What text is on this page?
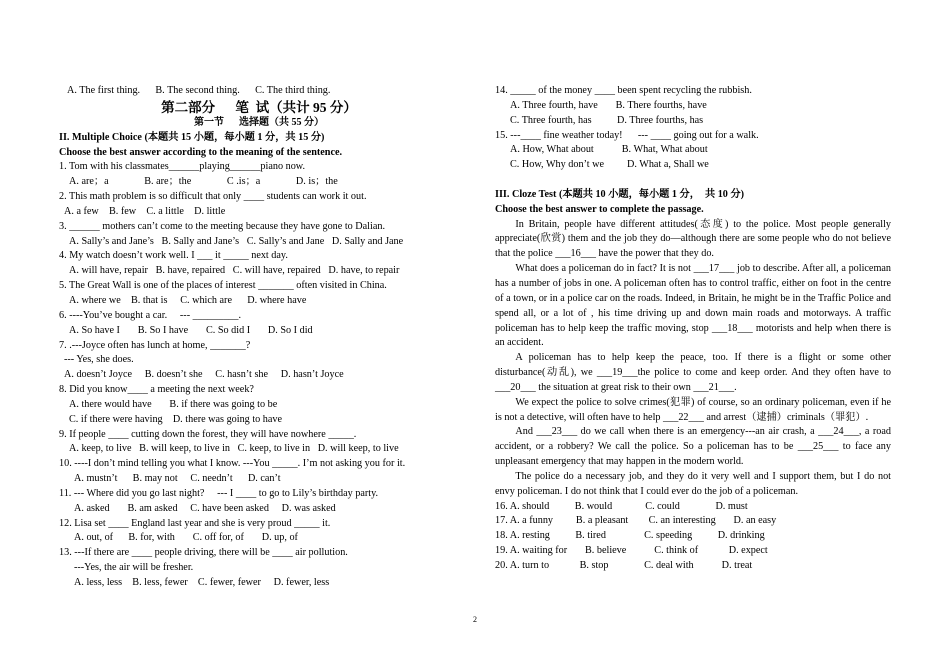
A. The first thing.      B. The second thing.      C. The third thing.
第二部分      笔  试（共计 95 分）
第一节      选择题（共 55 分）
II. Multiple Choice (本题共 15 小题，每小题 1 分，共 15 分)
Choose the best answer according to the meaning of the sentence.
1. Tom with his classmates______playing______piano now.
A. are；a              B. are；the              C .is；a              D. is；the
2. This math problem is so difficult that only ____ students can work it out.
A. a few    B. few    C. a little    D. little
3. ______ mothers can’t come to the meeting because they have gone to Dalian.
A. Sally’s and Jane’s   B. Sally and Jane’s   C. Sally’s and Jane   D. Sally and Jane
4. My watch doesn’t work well. I ___ it _____ next day.
A. will have, repair   B. have, repaired   C. will have, repaired   D. have, to repair
5. The Great Wall is one of the places of interest _______ often visited in China.
A. where we    B. that is     C. which are      D. where have
6. ----You’ve bought a car.     --- _________.
A. So have I       B. So I have       C. So did I       D. So I did
7. .---Joyce often has lunch at home, _______?
--- Yes, she does.
A. doesn’t Joyce     B. doesn’t she     C. hasn’t she     D. hasn’t Joyce
8. Did you know____ a meeting the next week?
A. there would have       B. if there was going to be
C. if there were having    D. there was going to have
9. If people ____ cutting down the forest, they will have nowhere _____.
A. keep, to live   B. will keep, to live in   C. keep, to live in   D. will keep, to live
10. ----I don’t mind telling you what I know. ---You _____. I’m not asking you for it.
A. mustn’t      B. may not     C. needn’t      D. can’t
11. --- Where did you go last night?     --- I ____ to go to Lily’s birthday party.
A. asked       B. am asked     C. have been asked     D. was asked
12. Lisa set ____ England last year and she is very proud _____ it.
A. out, of      B. for, with       C. off for, of       D. up, of
13. ---If there are ____ people driving, there will be ____ air pollution.
---Yes, the air will be fresher.
A. less, less    B. less, fewer    C. fewer, fewer     D. fewer, less
14. _____ of the money ____ been spent recycling the rubbish.
A. Three fourth, have       B. There fourths, have
C. Three fourth, has          D. Three fourths, has
15. ---____ fine weather today!      --- ____ going out for a walk.
A. How, What about           B. What, What about
C. How, Why don’t we         D. What a, Shall we
III. Cloze Test (本题共 10 小题，每小题 1 分，  共 10 分)
Choose the best answer to complete the passage.
In Britain, people have different attitudes(态度) to the police. Most people generally appreciate(欣赏) them and the job they do—although there are some people who do not believe that the police ___16___ have the power that they do.
What does a policeman do in fact? It is not ___17___ job to describe. After all, a policeman has a number of jobs in one. A policeman often has to control traffic, either on foot in the centre of a town, or in a police car on the roads. Indeed, in Britain, he might be in the Traffic Police and spend all, or a lot of , his time driving up and down main roads and motorways. A traffic policeman has to help keep the traffic moving, stop ___18___ motorists and help when there is an accident.
A policeman has to help keep the peace, too. If there is a flight or some other disturbance(动乱), we ___19___the police to come and keep order. And they often have to ___20___ the situation at great risk to their own ___21___.
We expect the police to solve crimes(犯罪) of course, so an ordinary policeman, even if he is not a detective, will often have to help ___22___ and arrest（逮捕）criminals（罪犯）.
And ___23___ do we call when there is an emergency---an air crash, a ___24___, a road accident, or a robbery? We call the police. So a policeman has to be ___25___ to face any unpleasant emergency that may happen in the modern world.
The police do a necessary job, and they do it very well and I support them, but I do not envy policeman. I do not think that I could ever do the job of a policeman.
16. A. should          B. would             C. could              D. must
17. A. a funny         B. a pleasant        C. an interesting       D. an easy
18. A. resting          B. tired               C. speeding          D. drinking
19. A. waiting for       B. believe           C. think of            D. expect
20. A. turn to            B. stop              C. deal with           D. treat
2
